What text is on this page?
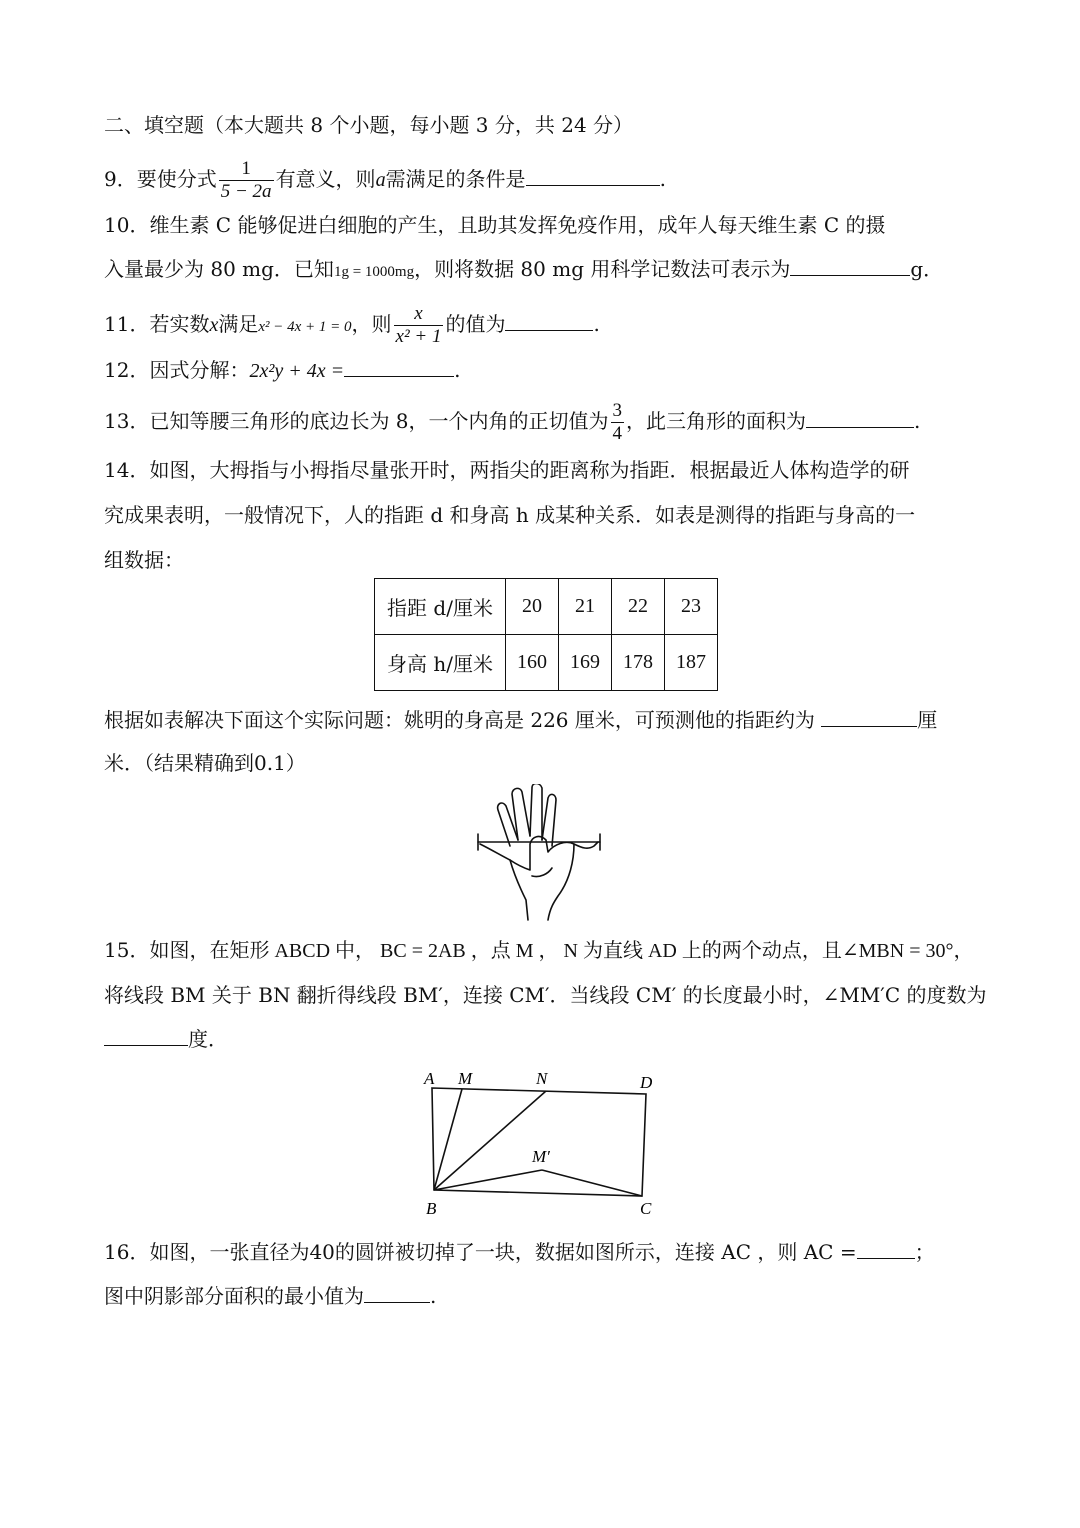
二、填空题（本大题共 8 个小题，每小题 3 分，共 24 分）
9．要使分式 $\frac{1}{5 - 2a}$ 有意义，则a需满足的条件是	.
10．维生素 C 能够促进白细胞的产生，且助其发挥免疫作用，成年人每天维生素 C 的摄
入量最少为 80 mg．已知1g = 1000mg，则将数据 80 mg 用科学记数法可表示为	g．
11．若实数x满足x² − 4x + 1 = 0，则 $\frac{x}{\text{x² + 1}}$ 的值为	.
12．因式分解：2x²y + 4x =	.
13．已知等腰三角形的底边长为 8，一个内角的正切值为 $\frac{3}{4}$ ，此三角形的面积为	.
14．如图，大拇指与小拇指尽量张开时，两指尖的距离称为指距．根据最近人体构造学的研
究成果表明，一般情况下，人的指距 d 和身高 h 成某种关系．如表是测得的指距与身高的一
组数据：
指距 d/厘米	20	21	22	23
身高 h/厘米	160	169	178	187
根据如表解决下面这个实际问题：姚明的身高是 226 厘米，可预测他的指距约为	厘
米．（结果精确到0.1）
15．如图，在矩形 ABCD 中， BC = 2AB ，点 M ， N 为直线 AD 上的两个动点，且∠MBN = 30°，
将线段 BM 关于 BN 翻折得线段 BM′，连接 CM′．当线段 CM′ 的长度最小时，∠MM′C 的度数为
度．
A M	N	D
M′
B	C
16．如图，一张直径为40的圆饼被切掉了一块，数据如图所示，连接 AC ，则 AC =	；
图中阴影部分面积的最小值为	.
